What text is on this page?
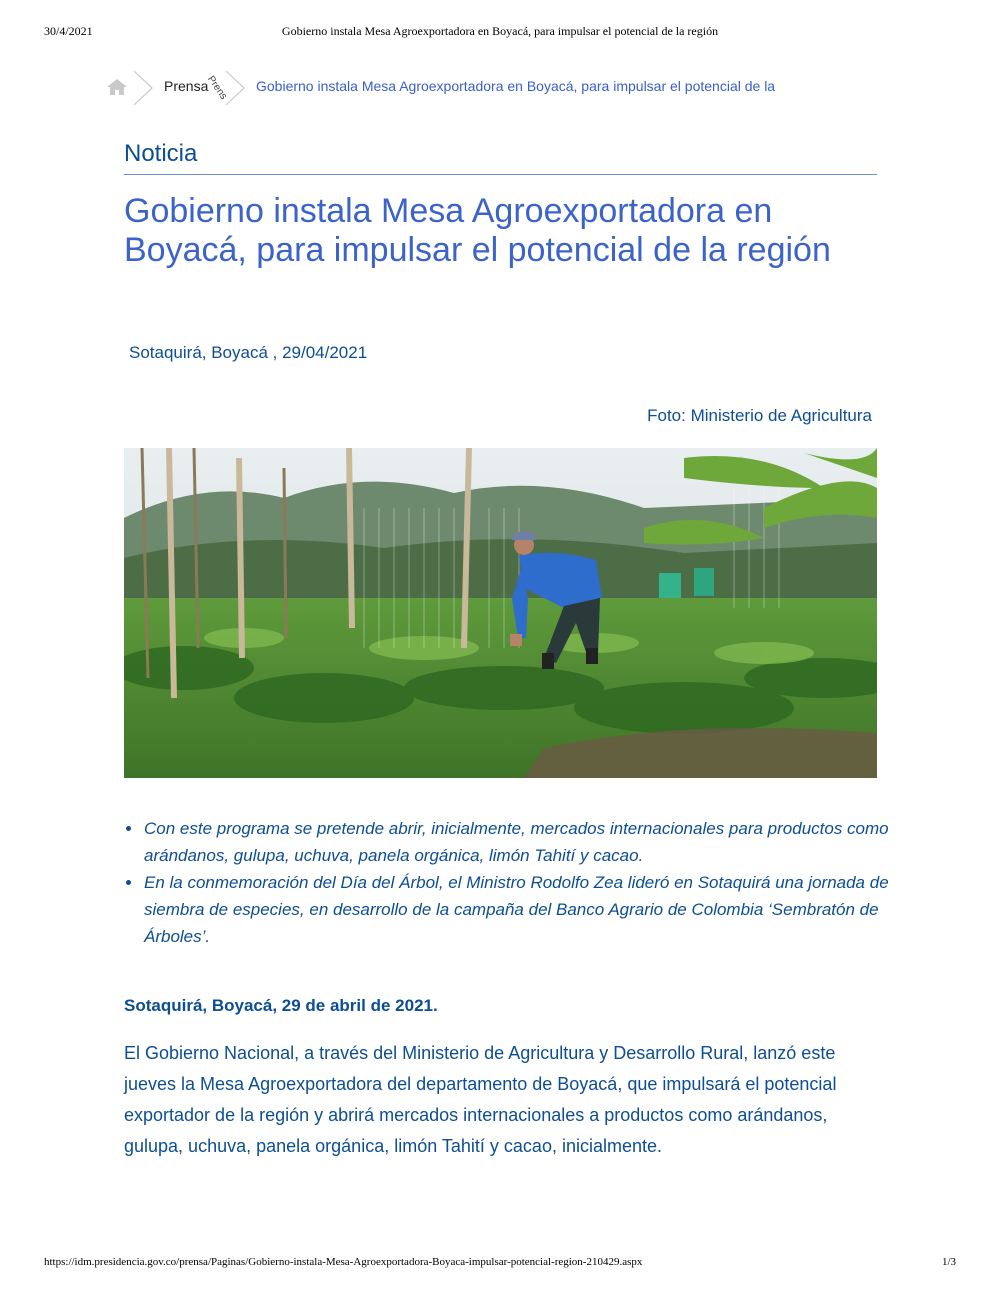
30/4/2021	Gobierno instala Mesa Agroexportadora en Boyacá, para impulsar el potencial de la región
Prensa
Prens Gobierno instala Mesa Agroexportadora en Boyacá, para impulsar el potencial de la
Noticia
Gobierno instala Mesa Agroexportadora en Boyacá, para impulsar el potencial de la región
Sotaquirá, Boyacá , 29/04/2021
Foto: Ministerio de Agricultura
Con este programa se pretende abrir, inicialmente, mercados internacionales para productos como arándanos, gulupa, uchuva, panela orgánica, limón Tahití y cacao.
En la conmemoración del Día del Árbol, el Ministro Rodolfo Zea lideró en Sotaquirá una jornada de siembra de especies, en desarrollo de la campaña del Banco Agrario de Colombia ‘Sembratón de Árboles’.
Sotaquirá, Boyacá, 29 de abril de 2021.

El Gobierno Nacional, a través del Ministerio de Agricultura y Desarrollo Rural, lanzó este jueves la Mesa Agroexportadora del departamento de Boyacá, que impulsará el potencial exportador de la región y abrirá mercados internacionales a productos como arándanos, gulupa, uchuva, panela orgánica, limón Tahití y cacao, inicialmente.

https://idm.presidencia.gov.co/prensa/Paginas/Gobierno-instala-Mesa-Agroexportadora-Boyaca-impulsar-potencial-region-210429.aspx	1/3
